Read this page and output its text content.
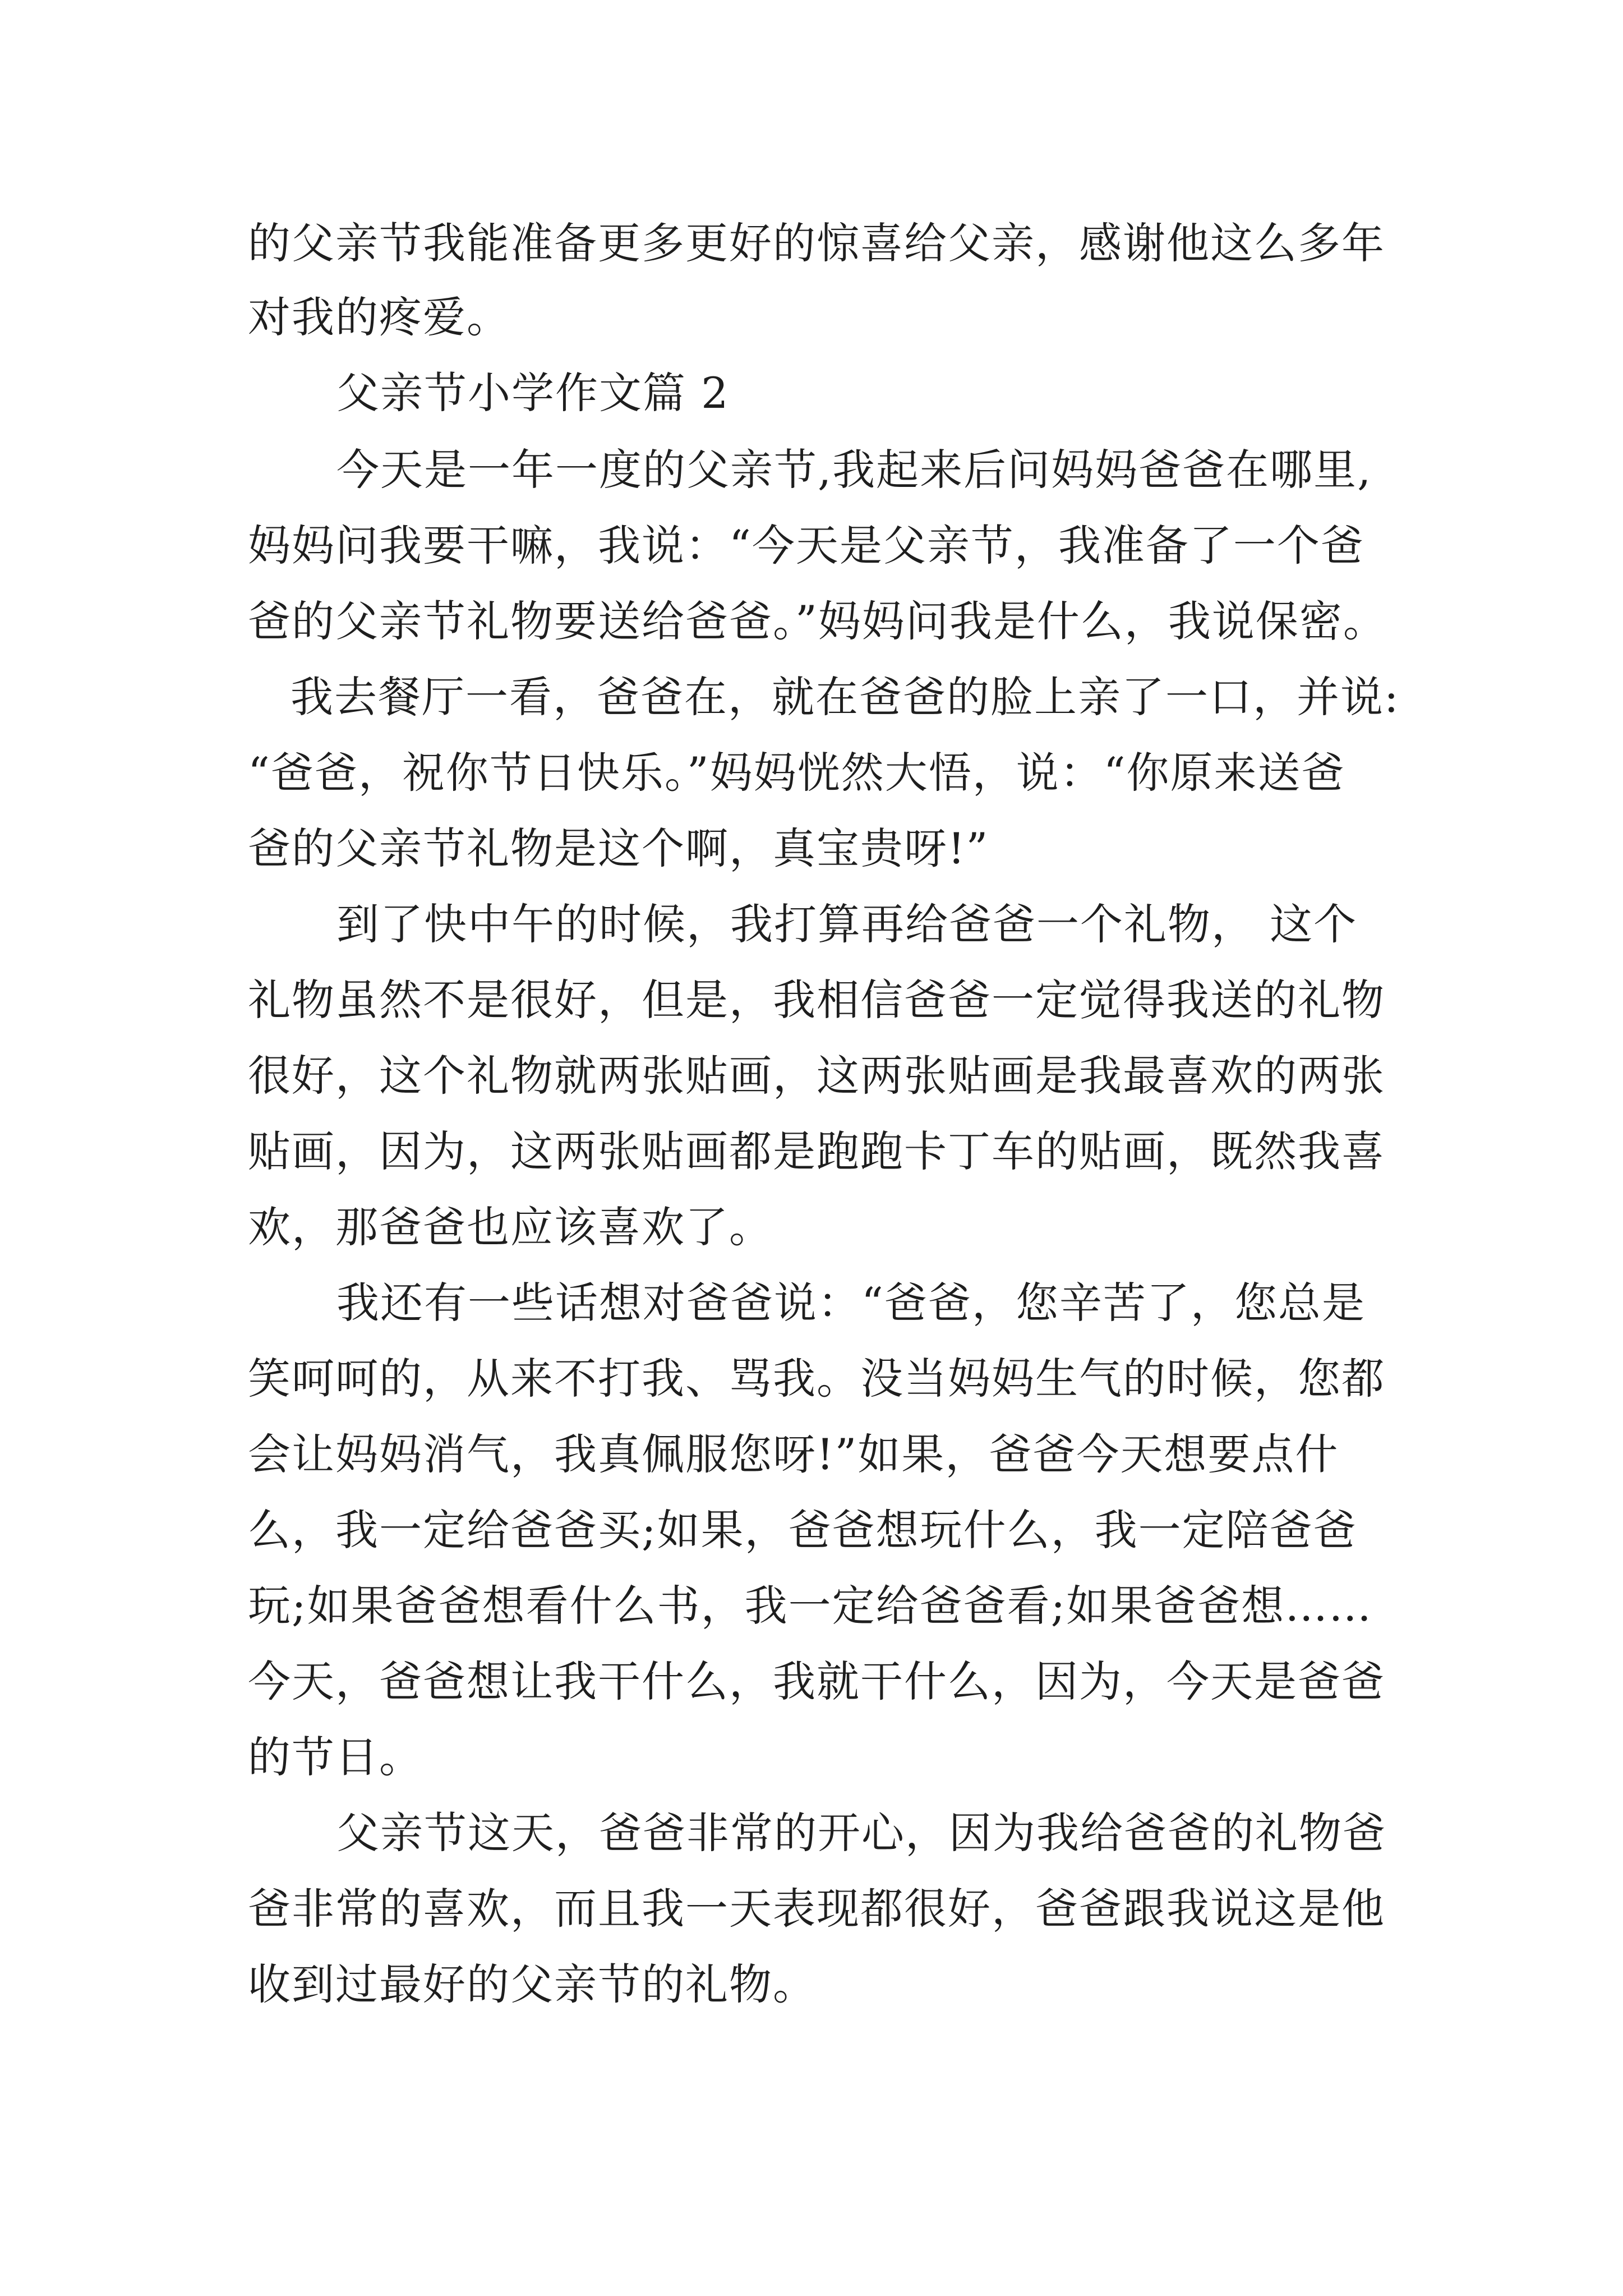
的父亲节我能准备更多更好的惊喜给父亲，感谢他这么多年
对我的疼爱。
父亲节小学作文篇 2
今天是一年一度的父亲节,我起来后问妈妈爸爸在哪里,
妈妈问我要干嘛，我说：“今天是父亲节，我准备了一个爸
爸的父亲节礼物要送给爸爸。”妈妈问我是什么，我说保密。
我去餐厅一看，爸爸在，就在爸爸的脸上亲了一口，并说:
“爸爸，祝你节日快乐。”妈妈恍然大悟，说：“你原来送爸
爸的父亲节礼物是这个啊，真宝贵呀!”
到了快中午的时候，我打算再给爸爸一个礼物， 这个
礼物虽然不是很好，但是，我相信爸爸一定觉得我送的礼物
很好，这个礼物就两张贴画，这两张贴画是我最喜欢的两张
贴画，因为，这两张贴画都是跑跑卡丁车的贴画，既然我喜
欢，那爸爸也应该喜欢了。
我还有一些话想对爸爸说：“爸爸，您辛苦了，您总是
笑呵呵的，从来不打我、骂我。没当妈妈生气的时候，您都
会让妈妈消气，我真佩服您呀!”如果，爸爸今天想要点什
么，我一定给爸爸买;如果，爸爸想玩什么，我一定陪爸爸
玩;如果爸爸想看什么书，我一定给爸爸看;如果爸爸想……
今天，爸爸想让我干什么，我就干什么，因为，今天是爸爸
的节日。
父亲节这天，爸爸非常的开心，因为我给爸爸的礼物爸
爸非常的喜欢，而且我一天表现都很好，爸爸跟我说这是他
收到过最好的父亲节的礼物。
